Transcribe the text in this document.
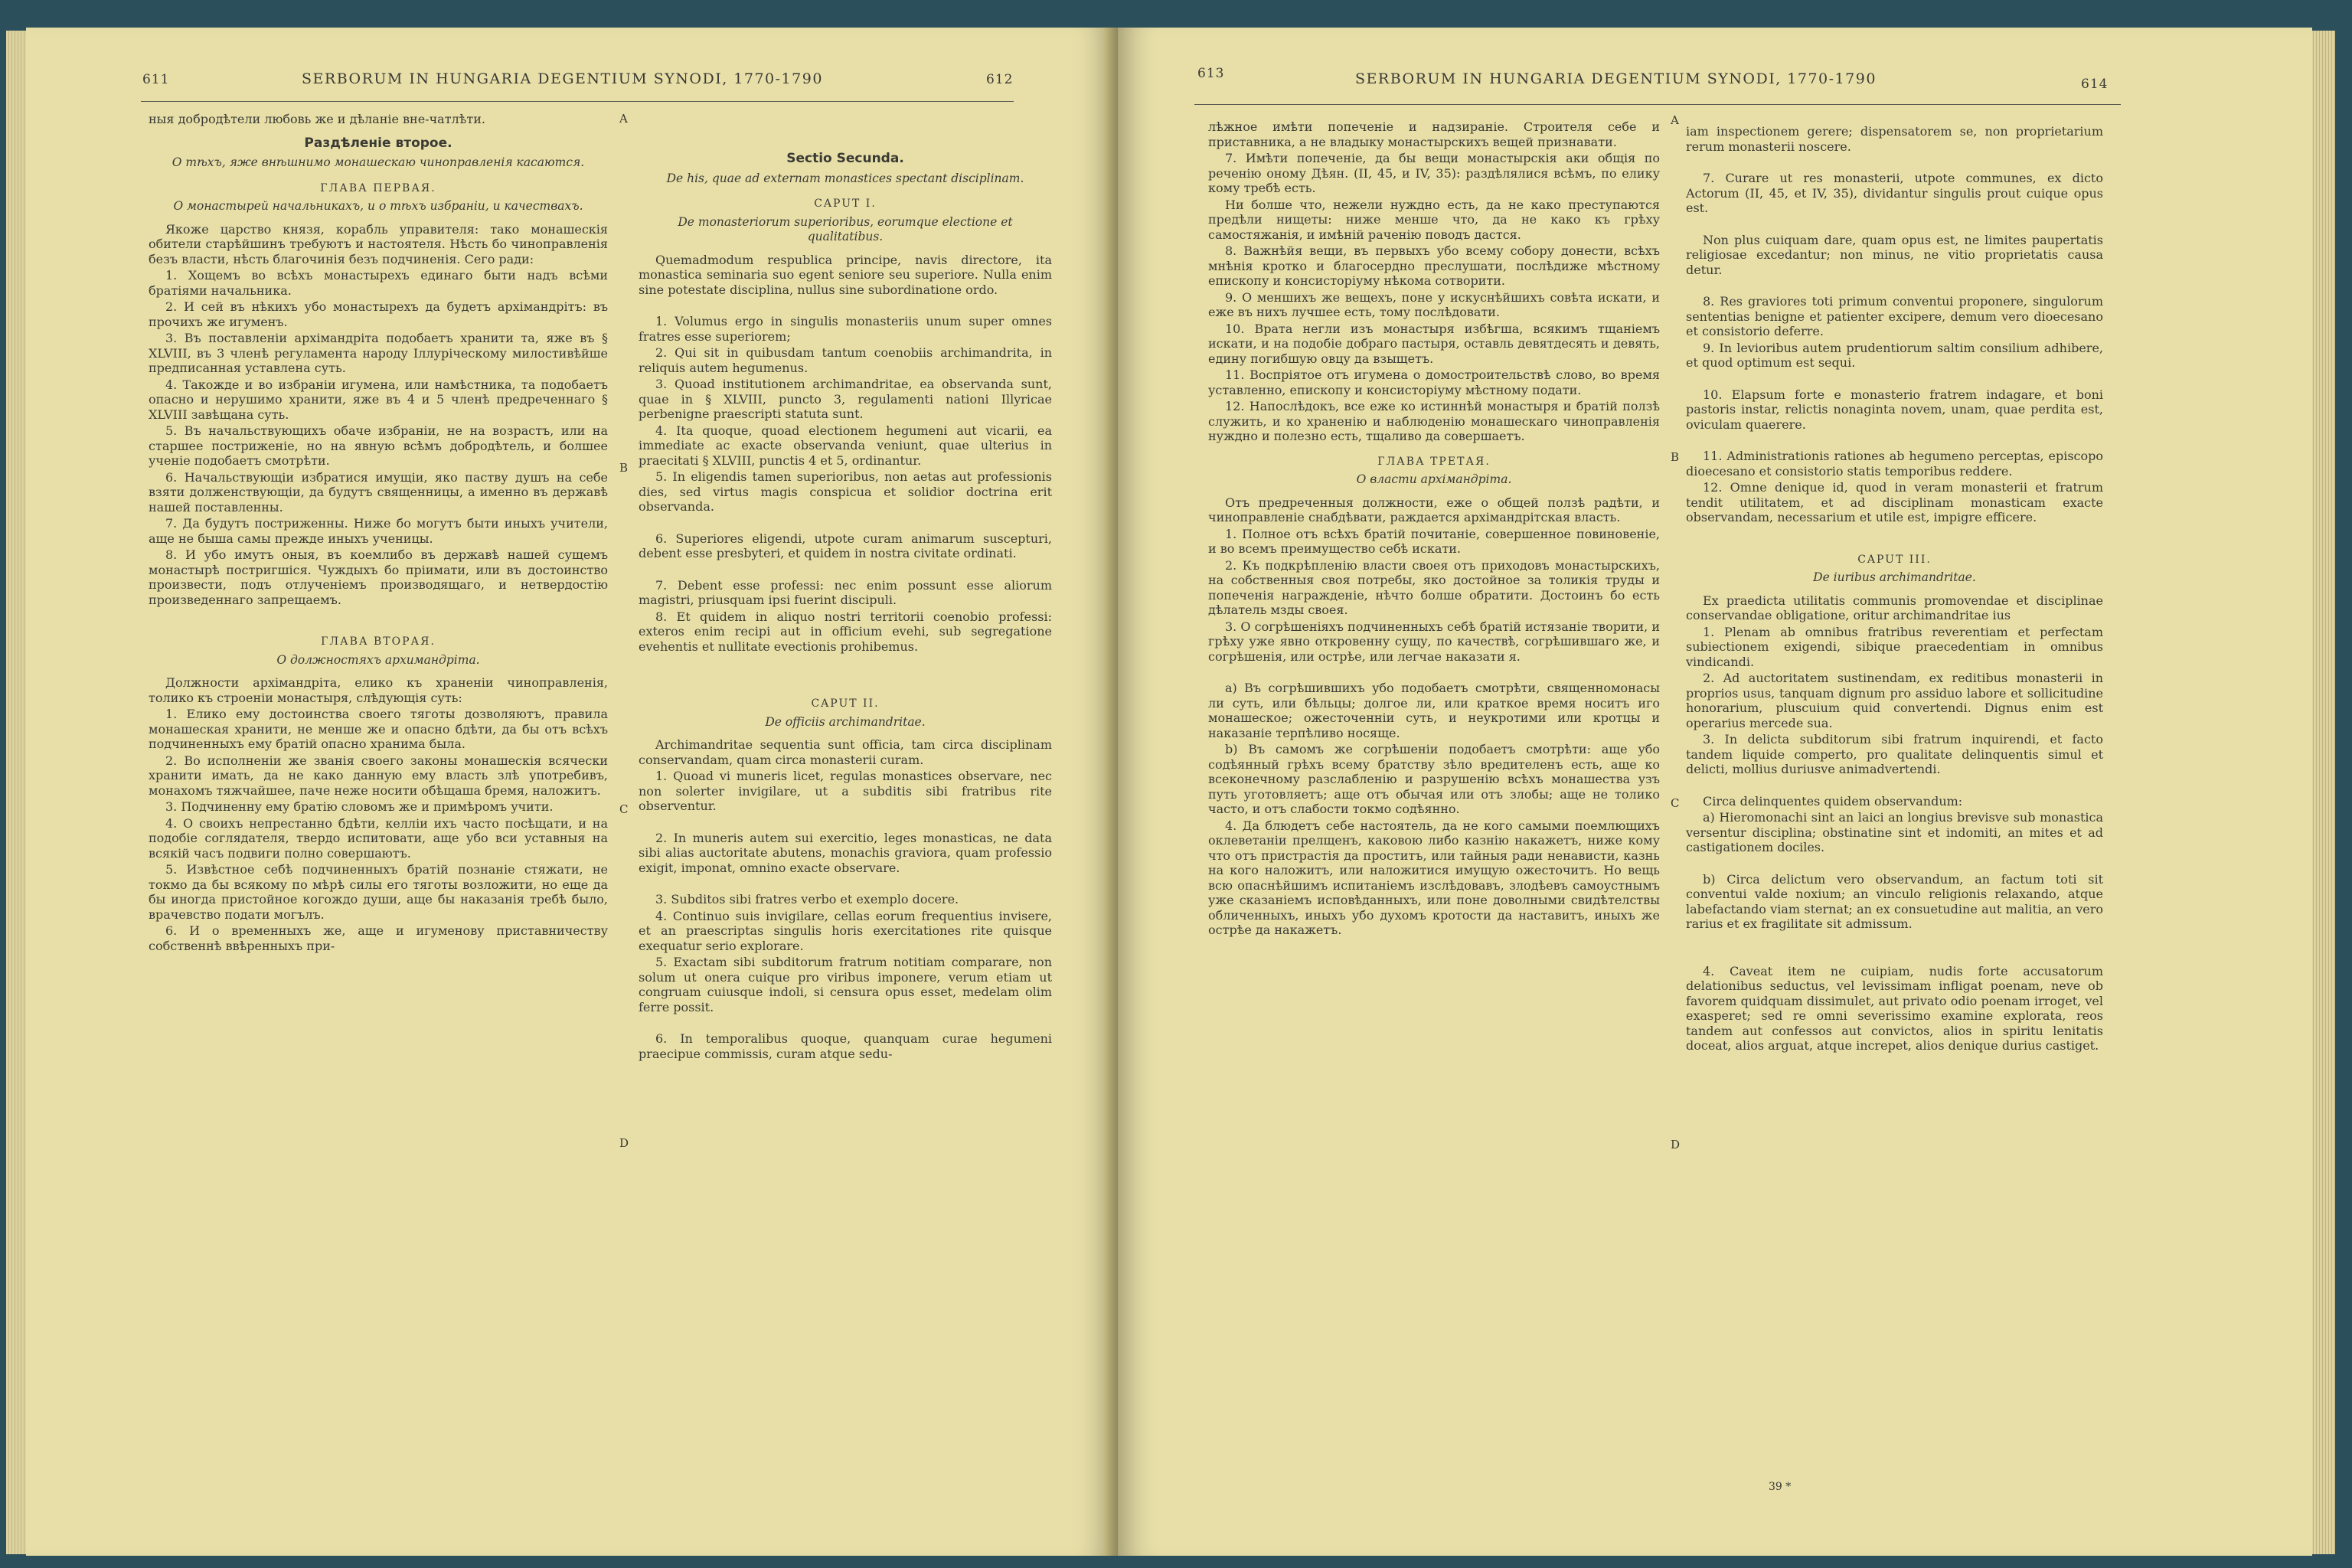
611	SERBORUM IN HUNGARIA DEGENTIUM SYNODI, 1770-1790	612

ныя добродѣтели любовь же и дѣланіе вне-чатлѣти.

Раздѣленіе второе.
О тѣхъ, яже внѣшнимо монашескаю чиноправленія касаются.
ГЛАВА ПЕРВАЯ.
О монастырей начальникахъ, и о тѣхъ избраніи, и качествахъ.

Якоже царство князя, корабль управителя: тако монашескія обители старѣйшинъ требуютъ и настоятеля. Нѣсть бо чиноправленія безъ власти, нѣсть благочинія безъ подчиненія. Сего ради:

1. Хощемъ во всѣхъ монастырехъ единаго быти надъ всѣми братіями начальника.

2. И сей въ нѣкихъ убо монастырехъ да будетъ архімандрітъ: въ прочихъ же игуменъ.

3. Въ поставленіи архімандріта подобаетъ хранити та, яже въ § XLVIII, въ 3 членѣ регуламента народу Іллуріческому милостивѣйше предписанная уставлена суть.

4. Такожде и во избраніи игумена, или намѣстника, та подобаетъ опасно и нерушимо хранити, яже въ 4 и 5 членѣ предреченнаго § XLVIII завѣщана суть.

5. Въ начальствующихъ обаче избраніи, не на возрастъ, или на старшее постриженіе, но на явную всѣмъ добродѣтель, и болшее ученіе подобаетъ смотрѣти.

6. Начальствующіи избратися имущіи, яко паству душъ на себе взяти долженствующіи, да будутъ священницы, а именно въ державѣ нашей поставленны.

7. Да будутъ постриженны. Ниже бо могутъ быти иныхъ учители, аще не быша самы прежде иныхъ ученицы.

8. И убо имутъ оныя, въ коемлибо въ державѣ нашей сущемъ монастырѣ постригшіся. Чуждыхъ бо пріимати, или въ достоинство произвести, подъ отлученіемъ производящаго, и нетвердостію произведеннаго запрещаемъ.

ГЛАВА ВТОРАЯ.
О должностяхъ архимандріта.

Должности архімандріта, елико къ храненіи чиноправленія, толико къ строеніи монастыря, слѣдующія суть:

1. Елико ему достоинства своего тяготы дозволяютъ, правила монашеская хранити, не менше же и опасно бдѣти, да бы отъ всѣхъ подчиненныхъ ему братій опасно хранима была.

2. Во исполненіи же званія своего законы монашескія всячески хранити имать, да не како данную ему власть злѣ употребивъ, монахомъ тяжчайшее, паче неже носити обѣщаша бремя, наложитъ.

3. Подчиненну ему братію словомъ же и примѣромъ учити.

4. О своихъ непрестанно бдѣти, келліи ихъ часто посѣщати, и на подобіе соглядателя, твердо испитовати, аще убо вси уставныя на всякій часъ подвиги полно совершаютъ.

5. Извѣстное себѣ подчиненныхъ братій познаніе стяжати, не токмо да бы всякому по мѣрѣ силы его тяготы возложити, но еще да бы иногда пристойное когождо души, аще бы наказанія требѣ было, врачевство подати могълъ.

6. И о временныхъ же, аще и игуменову приставничеству собственнѣ ввѣренныхъ при-

Sectio Secunda.
De his, quae ad externam monastices spectant disciplinam.
CAPUT I.
De monasteriorum superioribus, eorumque electione et qualitatibus.

Quemadmodum respublica principe, navis directore, ita monastica seminaria suo egent seniore seu superiore. Nulla enim sine potestate disciplina, nullus sine subordinatione ordo.

1. Volumus ergo in singulis monasteriis unum super omnes fratres esse superiorem;

2. Qui sit in quibusdam tantum coenobiis archimandrita, in reliquis autem hegumenus.

3. Quoad institutionem archimandritae, ea observanda sunt, quae in § XLVIII, puncto 3, regulamenti nationi Illyricae perbenigne praescripti statuta sunt.

4. Ita quoque, quoad electionem hegumeni aut vicarii, ea immediate ac exacte observanda veniunt, quae ulterius in praecitati § XLVIII, punctis 4 et 5, ordinantur.

5. In eligendis tamen superioribus, non aetas aut professionis dies, sed virtus magis conspicua et solidior doctrina erit observanda.

6. Superiores eligendi, utpote curam animarum suscepturi, debent esse presbyteri, et quidem in nostra civitate ordinati.

7. Debent esse professi: nec enim possunt esse aliorum magistri, priusquam ipsi fuerint discipuli.

8. Et quidem in aliquo nostri territorii coenobio professi: exteros enim recipi aut in officium evehi, sub segregatione evehentis et nullitate evectionis prohibemus.

CAPUT II.
De officiis archimandritae.

Archimandritae sequentia sunt officia, tam circa disciplinam conservandam, quam circa monasterii curam.

1. Quoad vi muneris licet, regulas monastices observare, nec non solerter invigilare, ut a subditis sibi fratribus rite observentur.

2. In muneris autem sui exercitio, leges monasticas, ne data sibi alias auctoritate abutens, monachis graviora, quam professio exigit, imponat, omnino exacte observare.

3. Subditos sibi fratres verbo et exemplo docere.

4. Continuo suis invigilare, cellas eorum frequentius invisere, et an praescriptas singulis horis exercitationes rite quisque exequatur serio explorare.

5. Exactam sibi subditorum fratrum notitiam comparare, non solum ut onera cuique pro viribus imponere, verum etiam ut congruam cuiusque indoli, si censura opus esset, medelam olim ferre possit.

6. In temporalibus quoque, quanquam curae hegumeni praecipue commissis, curam atque sedu-

A
B
C
D
613	SERBORUM IN HUNGARIA DEGENTIUM SYNODI, 1770-1790	614

лѣжное имѣти попеченіе и надзираніе. Строителя себе и приставника, а не владыку монастырскихъ вещей признавати.

7. Имѣти попеченіе, да бы вещи монастырскія аки общія по реченію оному Дѣян. (II, 45, и IV, 35): раздѣлялися всѣмъ, по елику кому требѣ есть.

Ни болше что, нежели нуждно есть, да не како преступаются предѣли нищеты: ниже менше что, да не како къ грѣху самостяжанія, и имѣній раченію поводъ дастся.

8. Важнѣйя вещи, въ первыхъ убо всему собору донести, всѣхъ мнѣнія кротко и благосердно преслушати, послѣдиже мѣстному епископу и консисторіуму нѣкома сотворити.

9. О меншихъ же вещехъ, поне у искуснѣйшихъ совѣта искати, и еже въ нихъ лучшее есть, тому послѣдовати.

10. Врата негли изъ монастыря избѣгша, всякимъ тщаніемъ искати, и на подобіе добраго пастыря, оставль девятдесять и девять, едину погибшую овцу да взыщетъ.

11. Воспріятое отъ игумена о домостроительствѣ слово, во время уставленно, епископу и консисторіуму мѣстному подати.

12. Напослѣдокъ, все еже ко истиннѣй монастыря и братій ползѣ служить, и ко храненію и наблюденію монашескаго чиноправленія нуждно и полезно есть, тщаливо да совершаетъ.

ГЛАВА ТРЕТАЯ.
О власти архімандріта.

Отъ предреченныя должности, еже о общей ползѣ радѣти, и чиноправленіе снабдѣвати, раждается архімандрітская власть.

1. Полное отъ всѣхъ братій почитаніе, совершенное повиновеніе, и во всемъ преимущество себѣ искати.

2. Къ подкрѣпленію власти своея отъ приходовъ монастырскихъ, на собственныя своя потребы, яко достойное за толикія труды и попеченія награжденіе, нѣчто болше обратити. Достоинъ бо есть дѣлатель мзды своея.

3. О согрѣшеніяхъ подчиненныхъ себѣ братій истязаніе творити, и грѣху уже явно откровенну сущу, по качествѣ, согрѣшившаго же, и согрѣшенія, или острѣе, или легчае наказати я.

a) Въ согрѣшившихъ убо подобаетъ смотрѣти, священномонасы ли суть, или бѣльцы; долгое ли, или краткое время носитъ иго монашеское; ожесточенніи суть, и неукротими или кротцы и наказаніе терпѣливо носяще.

b) Въ самомъ же согрѣшеніи подобаетъ смотрѣти: аще убо содѣянный грѣхъ всему братству зѣло вредителенъ есть, аще ко всеконечному разслабленію и разрушенію всѣхъ монашества узъ путь уготовляетъ; аще отъ обычая или отъ злобы; аще не толико часто, и отъ слабости токмо содѣянно.

4. Да блюдетъ себе настоятель, да не кого самыми поемлющихъ оклеветаніи прелщенъ, каковою либо казнію накажетъ, ниже кому что отъ пристрастія да проститъ, или тайныя ради ненависти, казнь на кого наложитъ, или наложитися имущую ожесточитъ. Но вещь всю опаснѣйшимъ испитаніемъ изслѣдовавъ, злодѣевъ самоустнымъ уже сказаніемъ исповѣданныхъ, или поне доволными свидѣтелствы обличенныхъ, иныхъ убо духомъ кротости да наставитъ, иныхъ же острѣе да накажетъ.

iam inspectionem gerere; dispensatorem se, non proprietarium rerum monasterii noscere.

7. Curare ut res monasterii, utpote communes, ex dicto Actorum (II, 45, et IV, 35), dividantur singulis prout cuique opus est.

Non plus cuiquam dare, quam opus est, ne limites paupertatis religiosae excedantur; non minus, ne vitio proprietatis causa detur.

8. Res graviores toti primum conventui proponere, singulorum sententias benigne et patienter excipere, demum vero dioecesano et consistorio deferre.

9. In levioribus autem prudentiorum saltim consilium adhibere, et quod optimum est sequi.

10. Elapsum forte e monasterio fratrem indagare, et boni pastoris instar, relictis nonaginta novem, unam, quae perdita est, oviculam quaerere.

11. Administrationis rationes ab hegumeno perceptas, episcopo dioecesano et consistorio statis temporibus reddere.

12. Omne denique id, quod in veram monasterii et fratrum tendit utilitatem, et ad disciplinam monasticam exacte observandam, necessarium et utile est, impigre efficere.

CAPUT III.
De iuribus archimandritae.

Ex praedicta utilitatis communis promovendae et disciplinae conservandae obligatione, oritur archimandritae ius

1. Plenam ab omnibus fratribus reverentiam et perfectam subiectionem exigendi, sibique praecedentiam in omnibus vindicandi.

2. Ad auctoritatem sustinendam, ex reditibus monasterii in proprios usus, tanquam dignum pro assiduo labore et sollicitudine honorarium, pluscuium quid convertendi. Dignus enim est operarius mercede sua.

3. In delicta subditorum sibi fratrum inquirendi, et facto tandem liquide comperto, pro qualitate delinquentis simul et delicti, mollius duriusve animadvertendi.

Circa delinquentes quidem observandum:

a) Hieromonachi sint an laici an longius brevisve sub monastica versentur disciplina; obstinatine sint et indomiti, an mites et ad castigationem dociles.

b) Circa delictum vero observandum, an factum toti sit conventui valde noxium; an vinculo religionis relaxando, atque labefactando viam sternat; an ex consuetudine aut malitia, an vero rarius et ex fragilitate sit admissum.

4. Caveat item ne cuipiam, nudis forte accusatorum delationibus seductus, vel levissimam infligat poenam, neve ob favorem quidquam dissimulet, aut privato odio poenam irroget, vel exasperet; sed re omni severissimo examine explorata, reos tandem aut confessos aut convictos, alios in spiritu lenitatis doceat, alios arguat, atque increpet, alios denique durius castiget.

A
B
C
D
39 *
